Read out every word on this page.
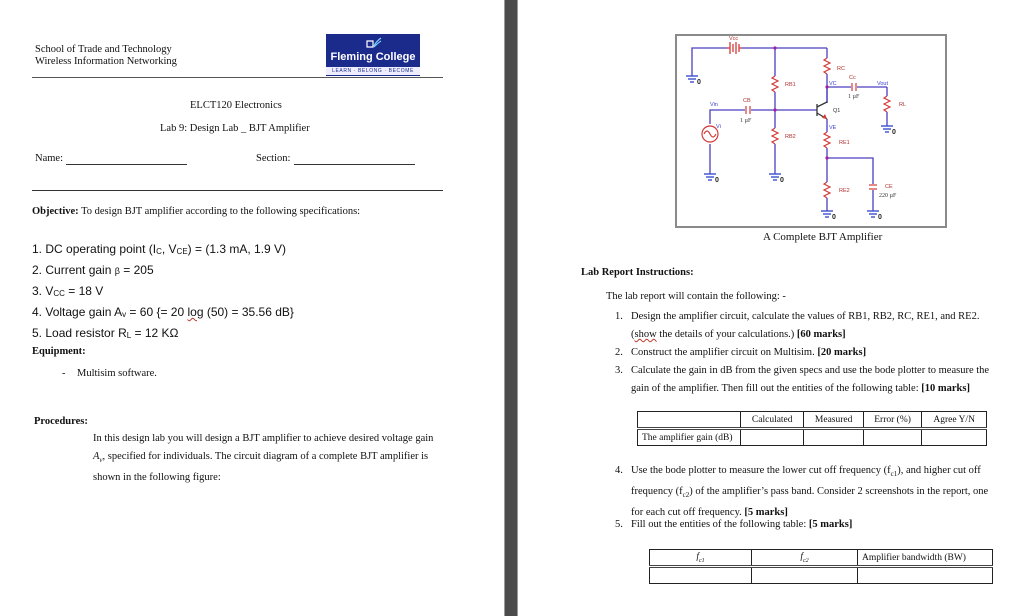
School of Trade and Technology
Wireless Information Networking	Fleming College
LEARN · BELONG · BECOME
ELCT120 Electronics
Lab 9: Design Lab _ BJT Amplifier
Name:	Section:
Objective: To design BJT amplifier according to the following specifications:
1. DC operating point ($I_C$, $V_{CE}) = (1.3$ mA, 1.9 V)
2. Current gain β = 205
3. $V_{CC} = 18$ V
4. Voltage gain $A_v = 60$ {= 20 log (50) = 35.56 dB}
5. Load resistor $R_L = 12$ KΩ
Equipment:
- Multisim software.
Procedures:
In this design lab you will design a BJT amplifier to achieve desired voltage gain
$A_v$, specified for individuals. The circuit diagram of a complete BJT amplifier is
shown in the following figure:
Vcc
RB1
RB2
RC
RE1
RE2
RL
CB
Cc
CE
Q1
1 µF
1 µF
220 µF
Vin
Vi
Vout
VC
VE
0
0
0	0
0	0
A Complete BJT Amplifier
Lab Report Instructions:
The lab report will contain the following: -
1. Design the amplifier circuit, calculate the values of RB1, RB2, RC, RE1, and RE2.
(show the details of your calculations.) [60 marks]
2. Construct the amplifier circuit on Multisim. [20 marks]
3. Calculate the gain in dB from the given specs and use the bode plotter to measure the
gain of the amplifier. Then fill out the entities of the following table: [10 marks]
	Calculated	Measured	Error (%)	Agree Y/N
The amplifier gain (dB)				
4. Use the bode plotter to measure the lower cut off frequency $(f_{c1})$, and higher cut off
frequency $(f_{c2})$ of the amplifier’s pass band. Consider 2 screenshots in the report, one
for each cut off frequency. [5 marks]
5. Fill out the entities of the following table: [5 marks]
$f_{c1}$	$f_{c2}$	Amplifier bandwidth (BW)
